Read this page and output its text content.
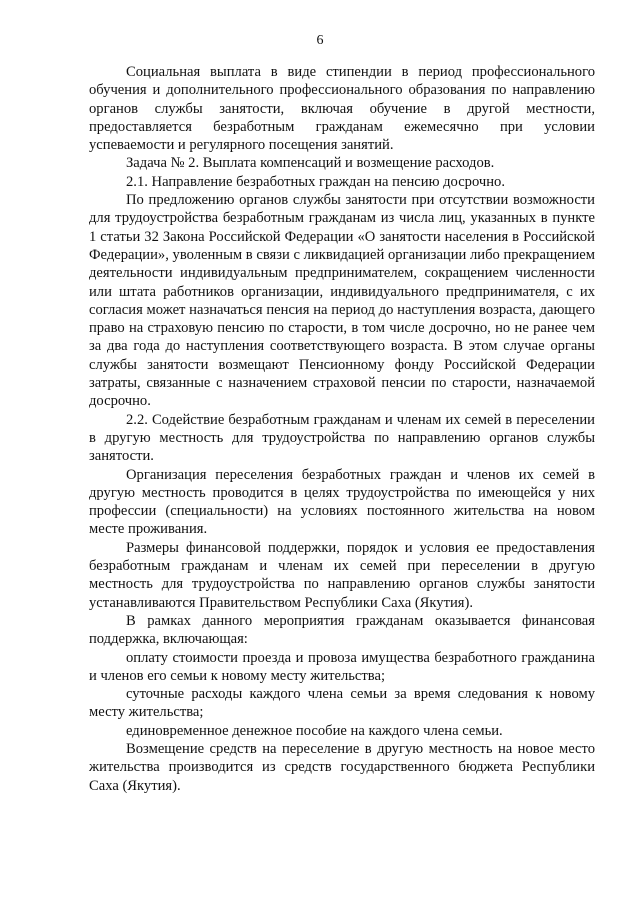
6

Социальная выплата в виде стипендии в период профессионального обучения и дополнительного профессионального образования по направлению органов службы занятости, включая обучение в другой местности, предоставляется безработным гражданам ежемесячно при условии успеваемости и регулярного посещения занятий.

Задача № 2. Выплата компенсаций и возмещение расходов.

2.1. Направление безработных граждан на пенсию досрочно.

По предложению органов службы занятости при отсутствии возможности для трудоустройства безработным гражданам из числа лиц, указанных в пункте 1 статьи 32 Закона Российской Федерации «О занятости населения в Российской Федерации», уволенным в связи с ликвидацией организации либо прекращением деятельности индивидуальным предпринимателем, сокращением численности или штата работников организации, индивидуального предпринимателя, с их согласия может назначаться пенсия на период до наступления возраста, дающего право на страховую пенсию по старости, в том числе досрочно, но не ранее чем за два года до наступления соответствующего возраста. В этом случае органы службы занятости возмещают Пенсионному фонду Российской Федерации затраты, связанные с назначением страховой пенсии по старости, назначаемой досрочно.

2.2. Содействие безработным гражданам и членам их семей в переселении в другую местность для трудоустройства по направлению органов службы занятости.

Организация переселения безработных граждан и членов их семей в другую местность проводится в целях трудоустройства по имеющейся у них профессии (специальности) на условиях постоянного жительства на новом месте проживания.

Размеры финансовой поддержки, порядок и условия ее предоставления безработным гражданам и членам их семей при переселении в другую местность для трудоустройства по направлению органов службы занятости устанавливаются Правительством Республики Саха (Якутия).

В рамках данного мероприятия гражданам оказывается финансовая поддержка, включающая:

оплату стоимости проезда и провоза имущества безработного гражданина и членов его семьи к новому месту жительства;

суточные расходы каждого члена семьи за время следования к новому месту жительства;

единовременное денежное пособие на каждого члена семьи.

Возмещение средств на переселение в другую местность на новое место жительства производится из средств государственного бюджета Республики Саха (Якутия).
